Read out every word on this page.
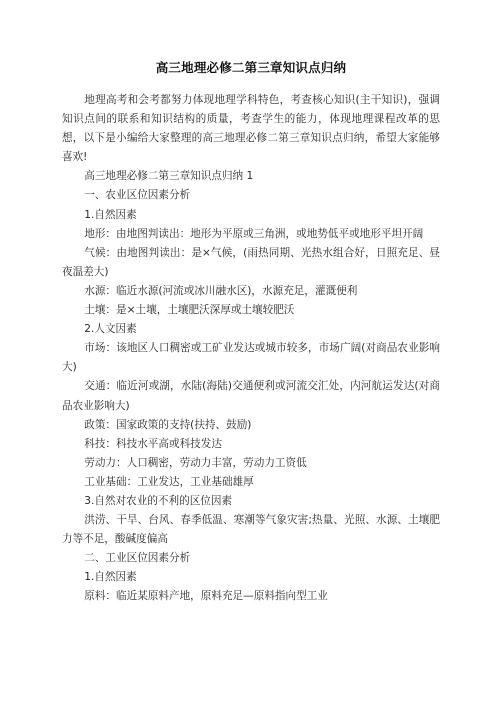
高三地理必修二第三章知识点归纳

地理高考和会考都努力体现地理学科特色，考查核心知识(主干知识)，强调知识点间的联系和知识结构的质量，考查学生的能力，体现地理课程改革的思想，以下是小编给大家整理的高三地理必修二第三章知识点归纳，希望大家能够喜欢!

高三地理必修二第三章知识点归纳 1

一、农业区位因素分析

1.自然因素

地形：由地图判读出：地形为平原或三角洲，或地势低平或地形平坦开阔

气候：由地图判读出：是×气候，(雨热同期、光热水组合好，日照充足、昼夜温差大)

水源：临近水源(河流或冰川融水区)，水源充足，灌溉便利

土壤：是×土壤，土壤肥沃深厚或土壤较肥沃

2.人文因素

市场：该地区人口稠密或工矿业发达或城市较多，市场广阔(对商品农业影响大)

交通：临近河或湖，水陆(海陆)交通便利或河流交汇处，内河航运发达(对商品农业影响大)

政策：国家政策的支持(扶持、鼓励)

科技：科技水平高或科技发达

劳动力：人口稠密，劳动力丰富，劳动力工资低

工业基础：工业发达，工业基础雄厚

3.自然对农业的不利的区位因素

洪涝、干旱、台风、春季低温、寒潮等气象灾害;热量、光照、水源、土壤肥力等不足，酸碱度偏高

二、工业区位因素分析

1.自然因素

原料：临近某原料产地，原料充足—原料指向型工业
